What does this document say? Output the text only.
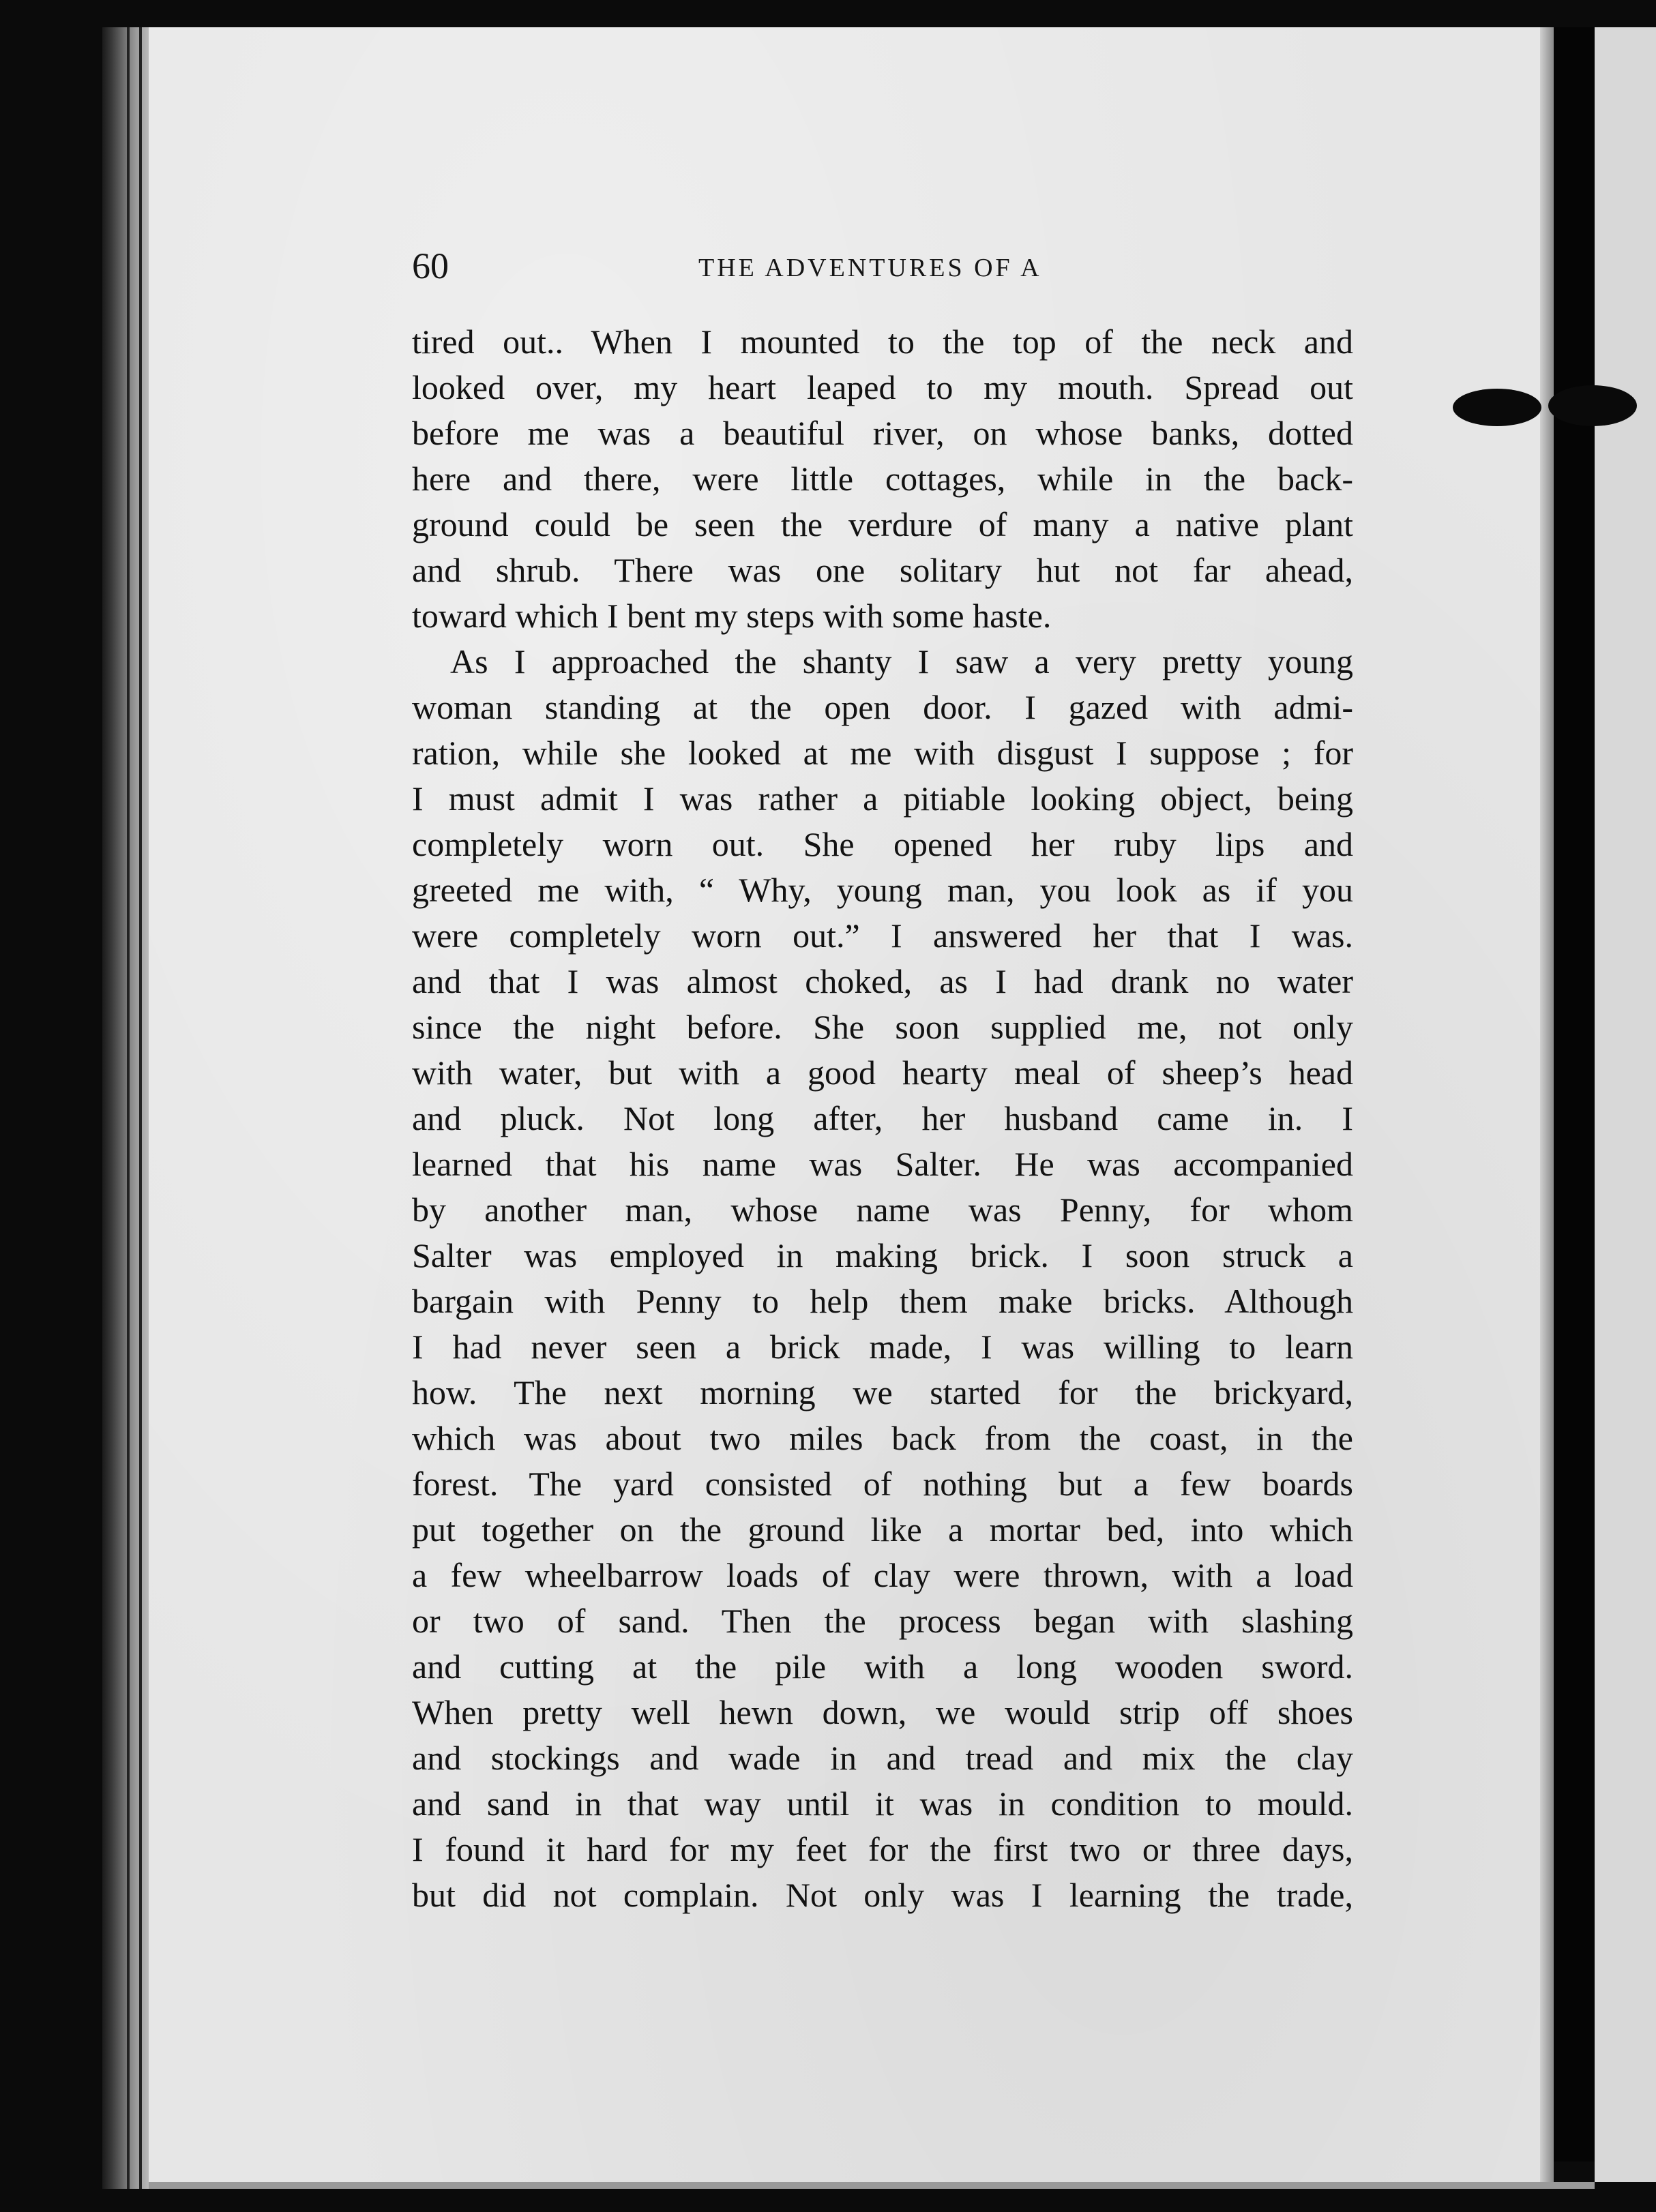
60	THE ADVENTURES OF A
tired out.. When I mounted to the top of the neck and
looked over, my heart leaped to my mouth. Spread out
before me was a beautiful river, on whose banks, dotted
here and there, were little cottages, while in the back-
ground could be seen the verdure of many a native plant
and shrub. There was one solitary hut not far ahead,
toward which I bent my steps with some haste.
As I approached the shanty I saw a very pretty young
woman standing at the open door. I gazed with admi-
ration, while she looked at me with disgust I suppose ; for
I must admit I was rather a pitiable looking object, being
completely worn out. She opened her ruby lips and
greeted me with, “ Why, young man, you look as if you
were completely worn out.” I answered her that I was.
and that I was almost choked, as I had drank no water
since the night before. She soon supplied me, not only
with water, but with a good hearty meal of sheep’s head
and pluck. Not long after, her husband came in. I
learned that his name was Salter. He was accompanied
by another man, whose name was Penny, for whom
Salter was employed in making brick. I soon struck a
bargain with Penny to help them make bricks. Although
I had never seen a brick made, I was willing to learn
how. The next morning we started for the brickyard,
which was about two miles back from the coast, in the
forest. The yard consisted of nothing but a few boards
put together on the ground like a mortar bed, into which
a few wheelbarrow loads of clay were thrown, with a load
or two of sand. Then the process began with slashing
and cutting at the pile with a long wooden sword.
When pretty well hewn down, we would strip off shoes
and stockings and wade in and tread and mix the clay
and sand in that way until it was in condition to mould.
I found it hard for my feet for the first two or three days,
but did not complain. Not only was I learning the trade,
